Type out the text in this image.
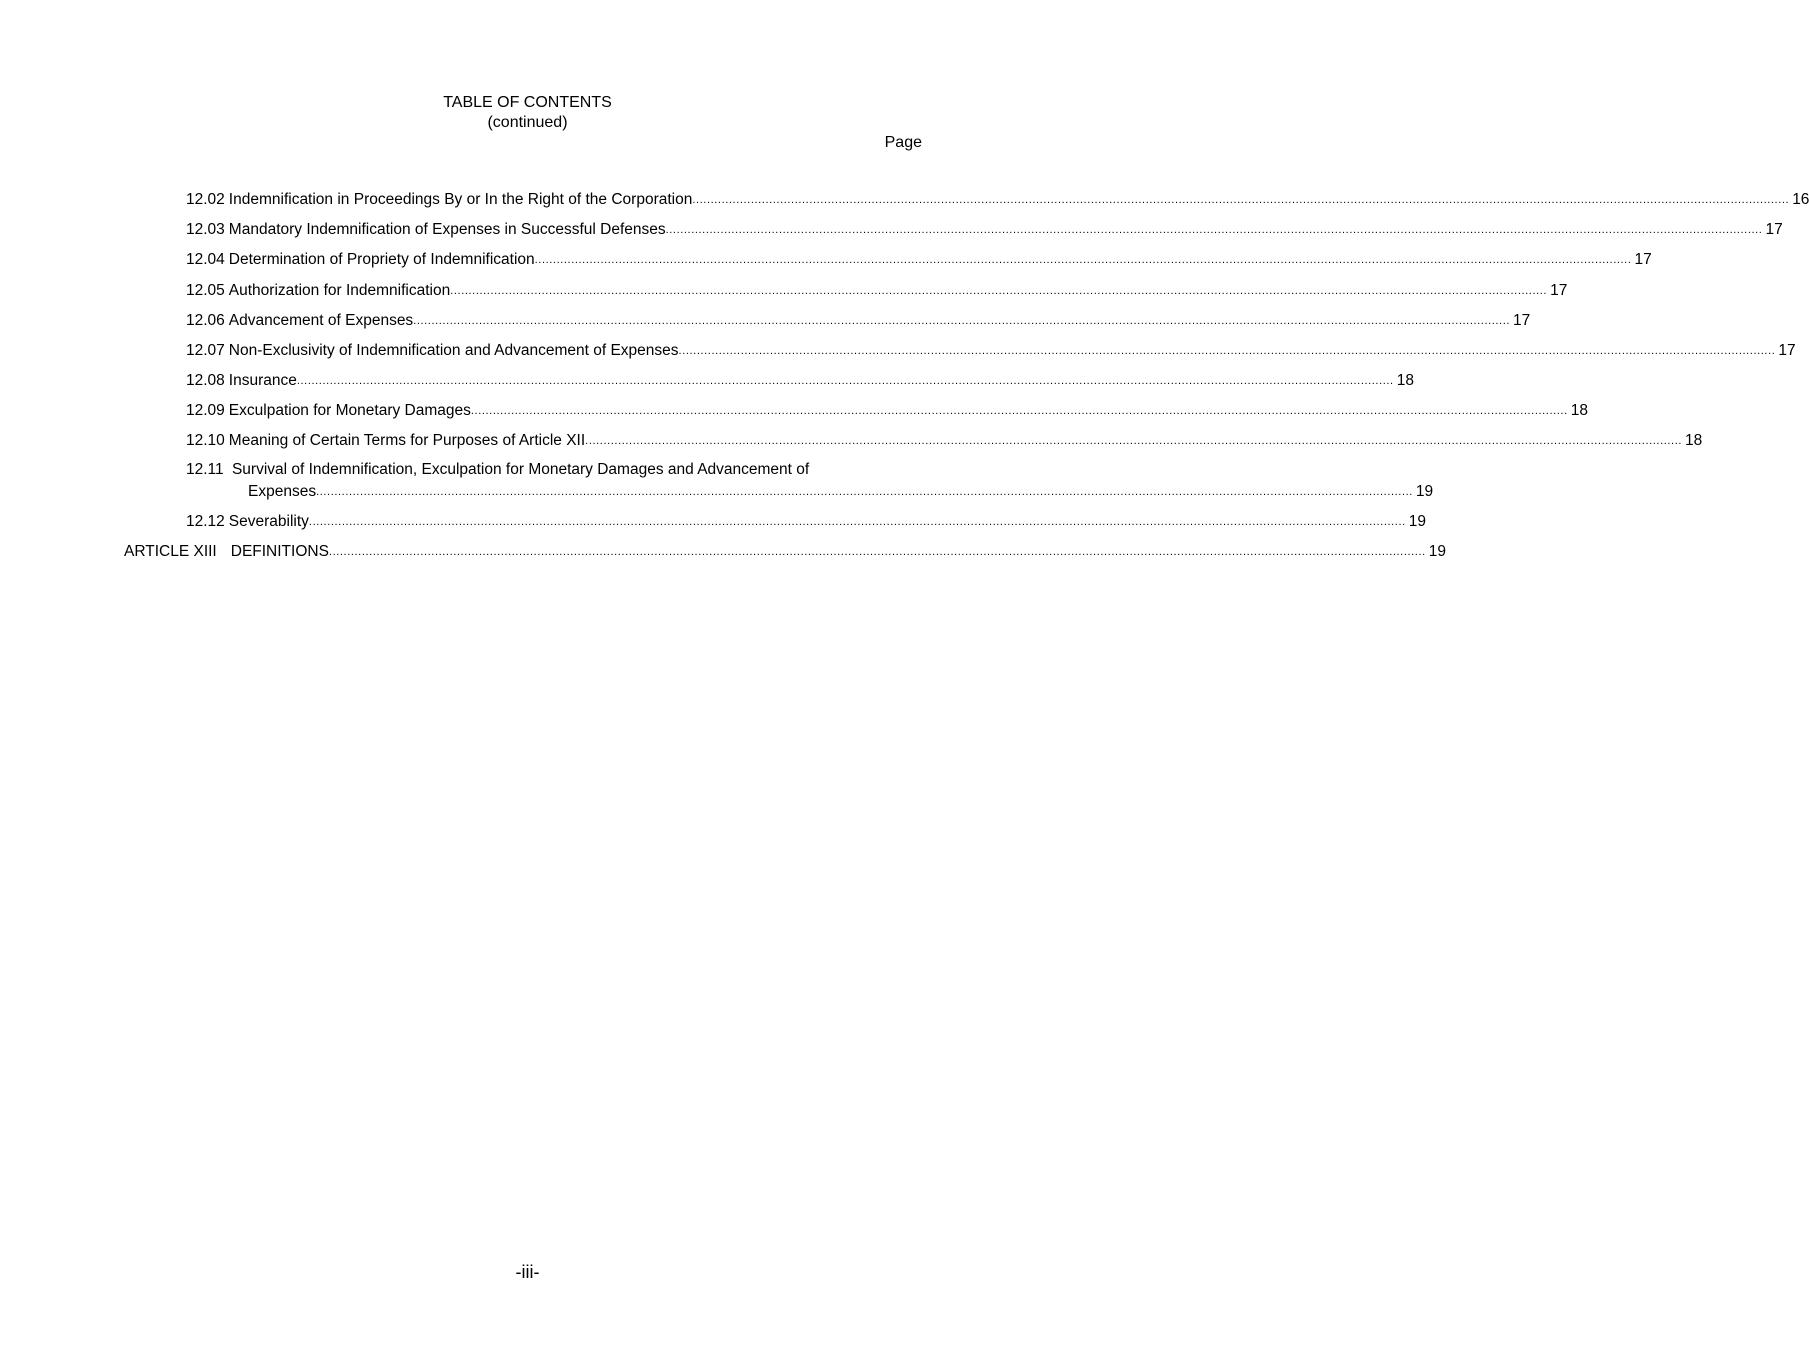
TABLE OF CONTENTS
(continued)
Page
12.02 Indemnification in Proceedings By or In the Right of the Corporation ............................................................................................................................................................................................................................................................................................................ 16
12.03 Mandatory Indemnification of Expenses in Successful Defenses ............................................................................................................................................................................................................................................................................................................ 17
12.04 Determination of Propriety of Indemnification ............................................................................................................................................................................................................................................................................................................ 17
12.05 Authorization for Indemnification ............................................................................................................................................................................................................................................................................................................ 17
12.06 Advancement of Expenses ............................................................................................................................................................................................................................................................................................................ 17
12.07 Non-Exclusivity of Indemnification and Advancement of Expenses ............................................................................................................................................................................................................................................................................................................ 17
12.08 Insurance ............................................................................................................................................................................................................................................................................................................ 18
12.09 Exculpation for Monetary Damages ............................................................................................................................................................................................................................................................................................................ 18
12.10 Meaning of Certain Terms for Purposes of Article XII ............................................................................................................................................................................................................................................................................................................ 18
12.11 Survival of Indemnification, Exculpation for Monetary Damages and Advancement of
Expenses ............................................................................................................................................................................................................................................................................................................ 19
12.12 Severability ............................................................................................................................................................................................................................................................................................................ 19
ARTICLE XIII DEFINITIONS ............................................................................................................................................................................................................................................................................................................ 19
-iii-
